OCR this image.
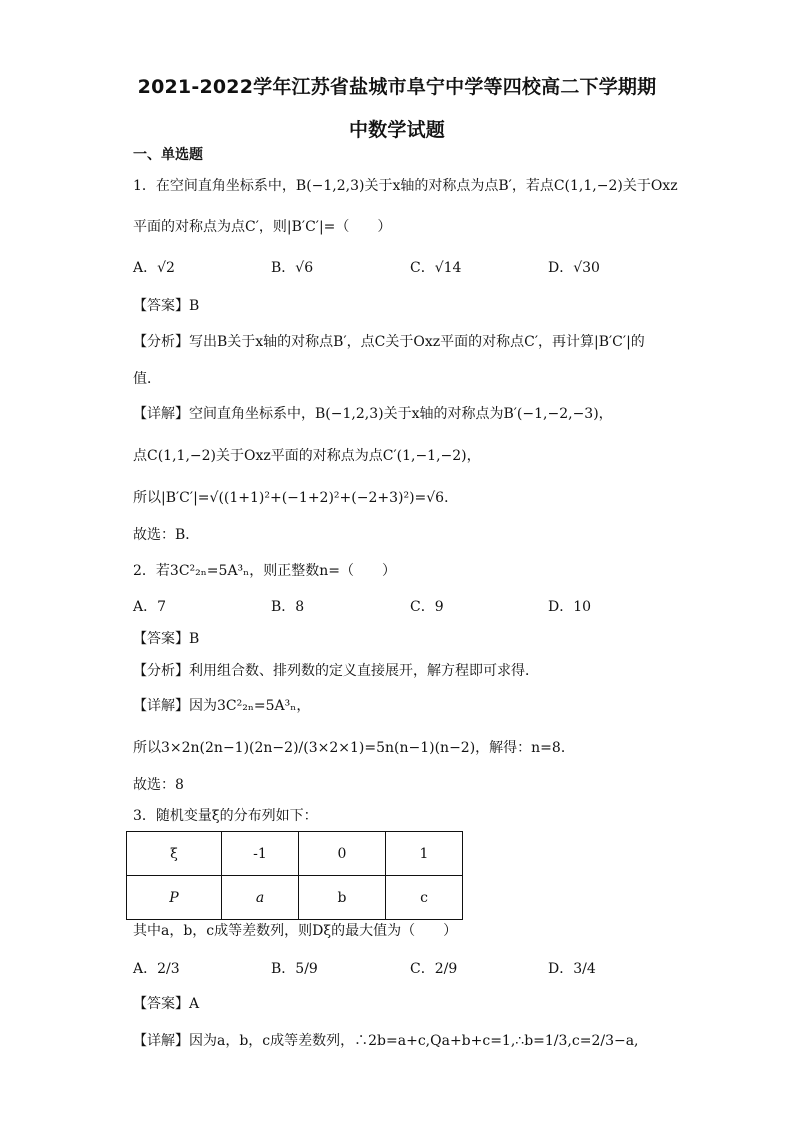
2021-2022学年江苏省盐城市阜宁中学等四校高二下学期期
中数学试题
一、单选题
1．在空间直角坐标系中，B(−1,2,3)关于x轴的对称点为点B′，若点C(1,1,−2)关于Oxz
平面的对称点为点C′，则|B′C′|=（　　）
A．√2	B．√6	C．√14	D．√30
【答案】B
【分析】写出B关于x轴的对称点B′，点C关于Oxz平面的对称点C′，再计算|B′C′|的
值．
【详解】空间直角坐标系中，B(−1,2,3)关于x轴的对称点为B′(−1,−2,−3)，
点C(1,1,−2)关于Oxz平面的对称点为点C′(1,−1,−2)，
所以|B′C′|=√((1+1)²+(−1+2)²+(−2+3)²)=√6．
故选：B．
2．若3C²₂ₙ=5A³ₙ，则正整数n=（　　）
A．7	B．8	C．9	D．10
【答案】B
【分析】利用组合数、排列数的定义直接展开，解方程即可求得．
【详解】因为3C²₂ₙ=5A³ₙ，
所以3×2n(2n−1)(2n−2)/(3×2×1)=5n(n−1)(n−2)，解得：n=8．
故选：8
3．随机变量ξ的分布列如下：
ξ	-1	0	1
P	a	b	c
其中a，b，c成等差数列，则Dξ的最大值为（　　）
A．2/3	B．5/9	C．2/9	D．3/4
【答案】A
【详解】因为a，b，c成等差数列，∴2b=a+c,Qa+b+c=1,∴b=1/3,c=2/3−a,
